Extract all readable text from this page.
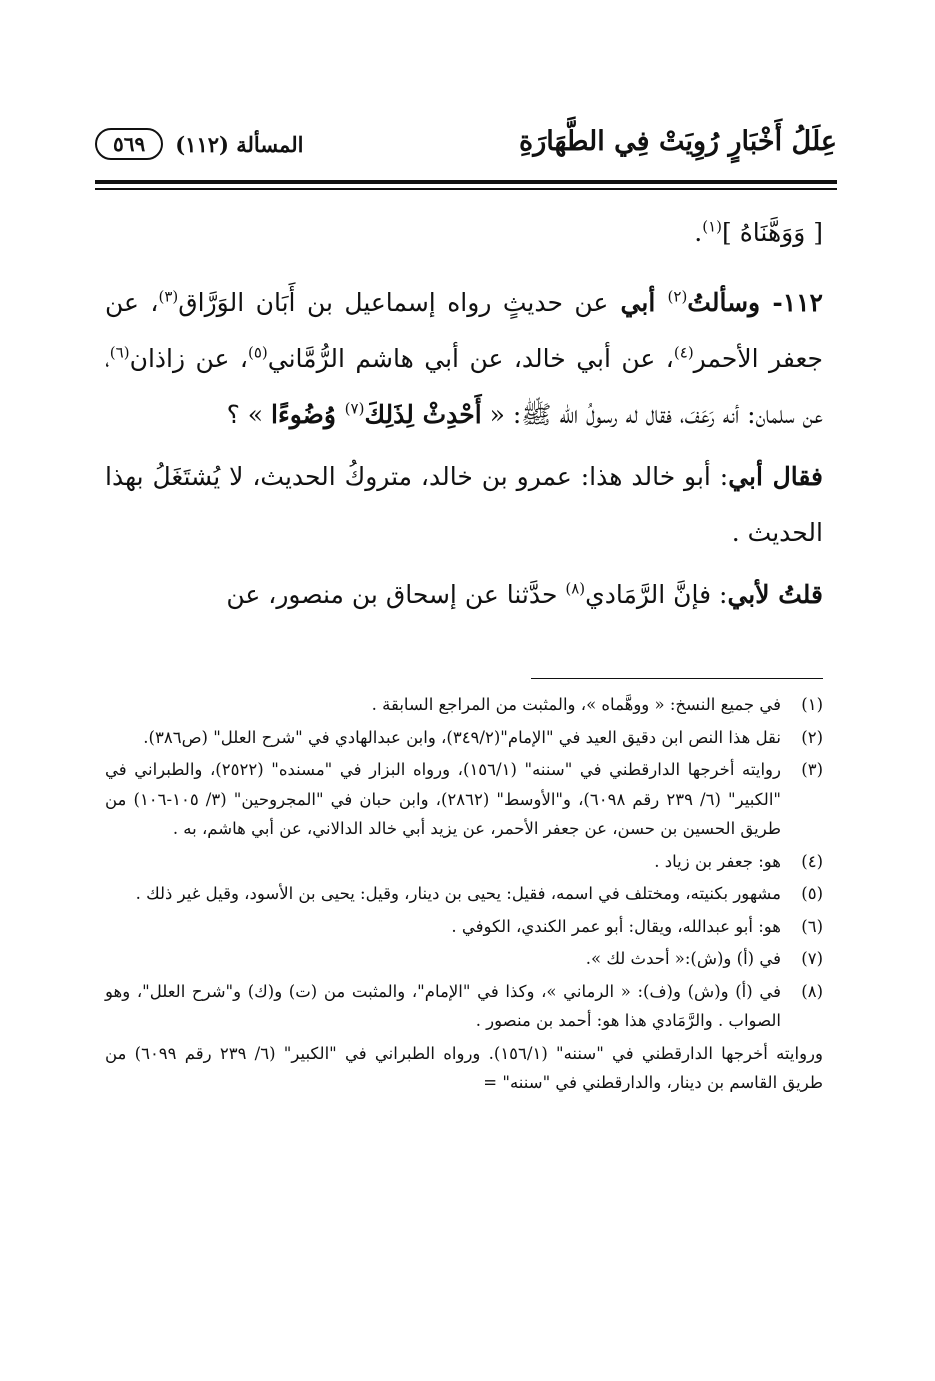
عِلَلُ أَخْبَارٍ رُوِيَتْ فِي الطَّهَارَةِ
المسألة (١١٢)
٥٦٩

[ وَوَهَّنَاهُ ]$^{(١)}$.

١١٢- وسألتُ$^{(٢)}$ أبي عن حديثٍ رواه إسماعيل بن أَبَان الوَرَّاق$^{(٣)}$، عن جعفر الأحمر$^{(٤)}$، عن أبي خالد، عن أبي هاشم الرُّمَّاني$^{(٥)}$، عن زاذان$^{(٦)}$، عن سلمان: أنه رَعَفَ، فقال له رسولُ الله ﷺ: « أَحْدِثْ لِذَلِكَ$^{(٧)}$ وُضُوءًا » ؟

فقال أبي: أبو خالد هذا: عمرو بن خالد، متروكُ الحديث، لا يُشتَغَلُ بهذا الحديث .

قلتُ لأبي: فإنَّ الرَّمَادي$^{(٨)}$ حدَّثنا عن إسحاق بن منصور، عن

(١)
في جميع النسخ: « ووهَّماه »، والمثبت من المراجع السابقة .
(٢)
نقل هذا النص ابن دقيق العيد في "الإمام"(٣٤٩/٢)، وابن عبدالهادي في "شرح العلل" (ص٣٨٦).
(٣)
روايته أخرجها الدارقطني في "سننه" (١٥٦/١)، ورواه البزار في "مسنده" (٢٥٢٢)، والطبراني في "الكبير" (٦/ ٢٣٩ رقم ٦٠٩٨)، و"الأوسط" (٢٨٦٢)، وابن حبان في "المجروحين" (٣/ ١٠٥-١٠٦) من طريق الحسين بن حسن، عن جعفر الأحمر، عن يزيد أبي خالد الدالاني، عن أبي هاشم، به .
(٤)
هو: جعفر بن زياد .
(٥)
مشهور بكنيته، ومختلف في اسمه، فقيل: يحيى بن دينار، وقيل: يحيى بن الأسود، وقيل غير ذلك .
(٦)
هو: أبو عبدالله، ويقال: أبو عمر الكندي، الكوفي .
(٧)
في (أ) و(ش):« أحدث لك ».
(٨)
في (أ) و(ش) و(ف): « الرماني »، وكذا في "الإمام"، والمثبت من (ت) و(ك) و"شرح العلل"، وهو الصواب . والرَّمَادي هذا هو: أحمد بن منصور .
وروايته أخرجها الدارقطني في "سننه" (١٥٦/١). ورواه الطبراني في "الكبير" (٦/ ٢٣٩ رقم ٦٠٩٩) من طريق القاسم بن دينار، والدارقطني في "سننه" =
